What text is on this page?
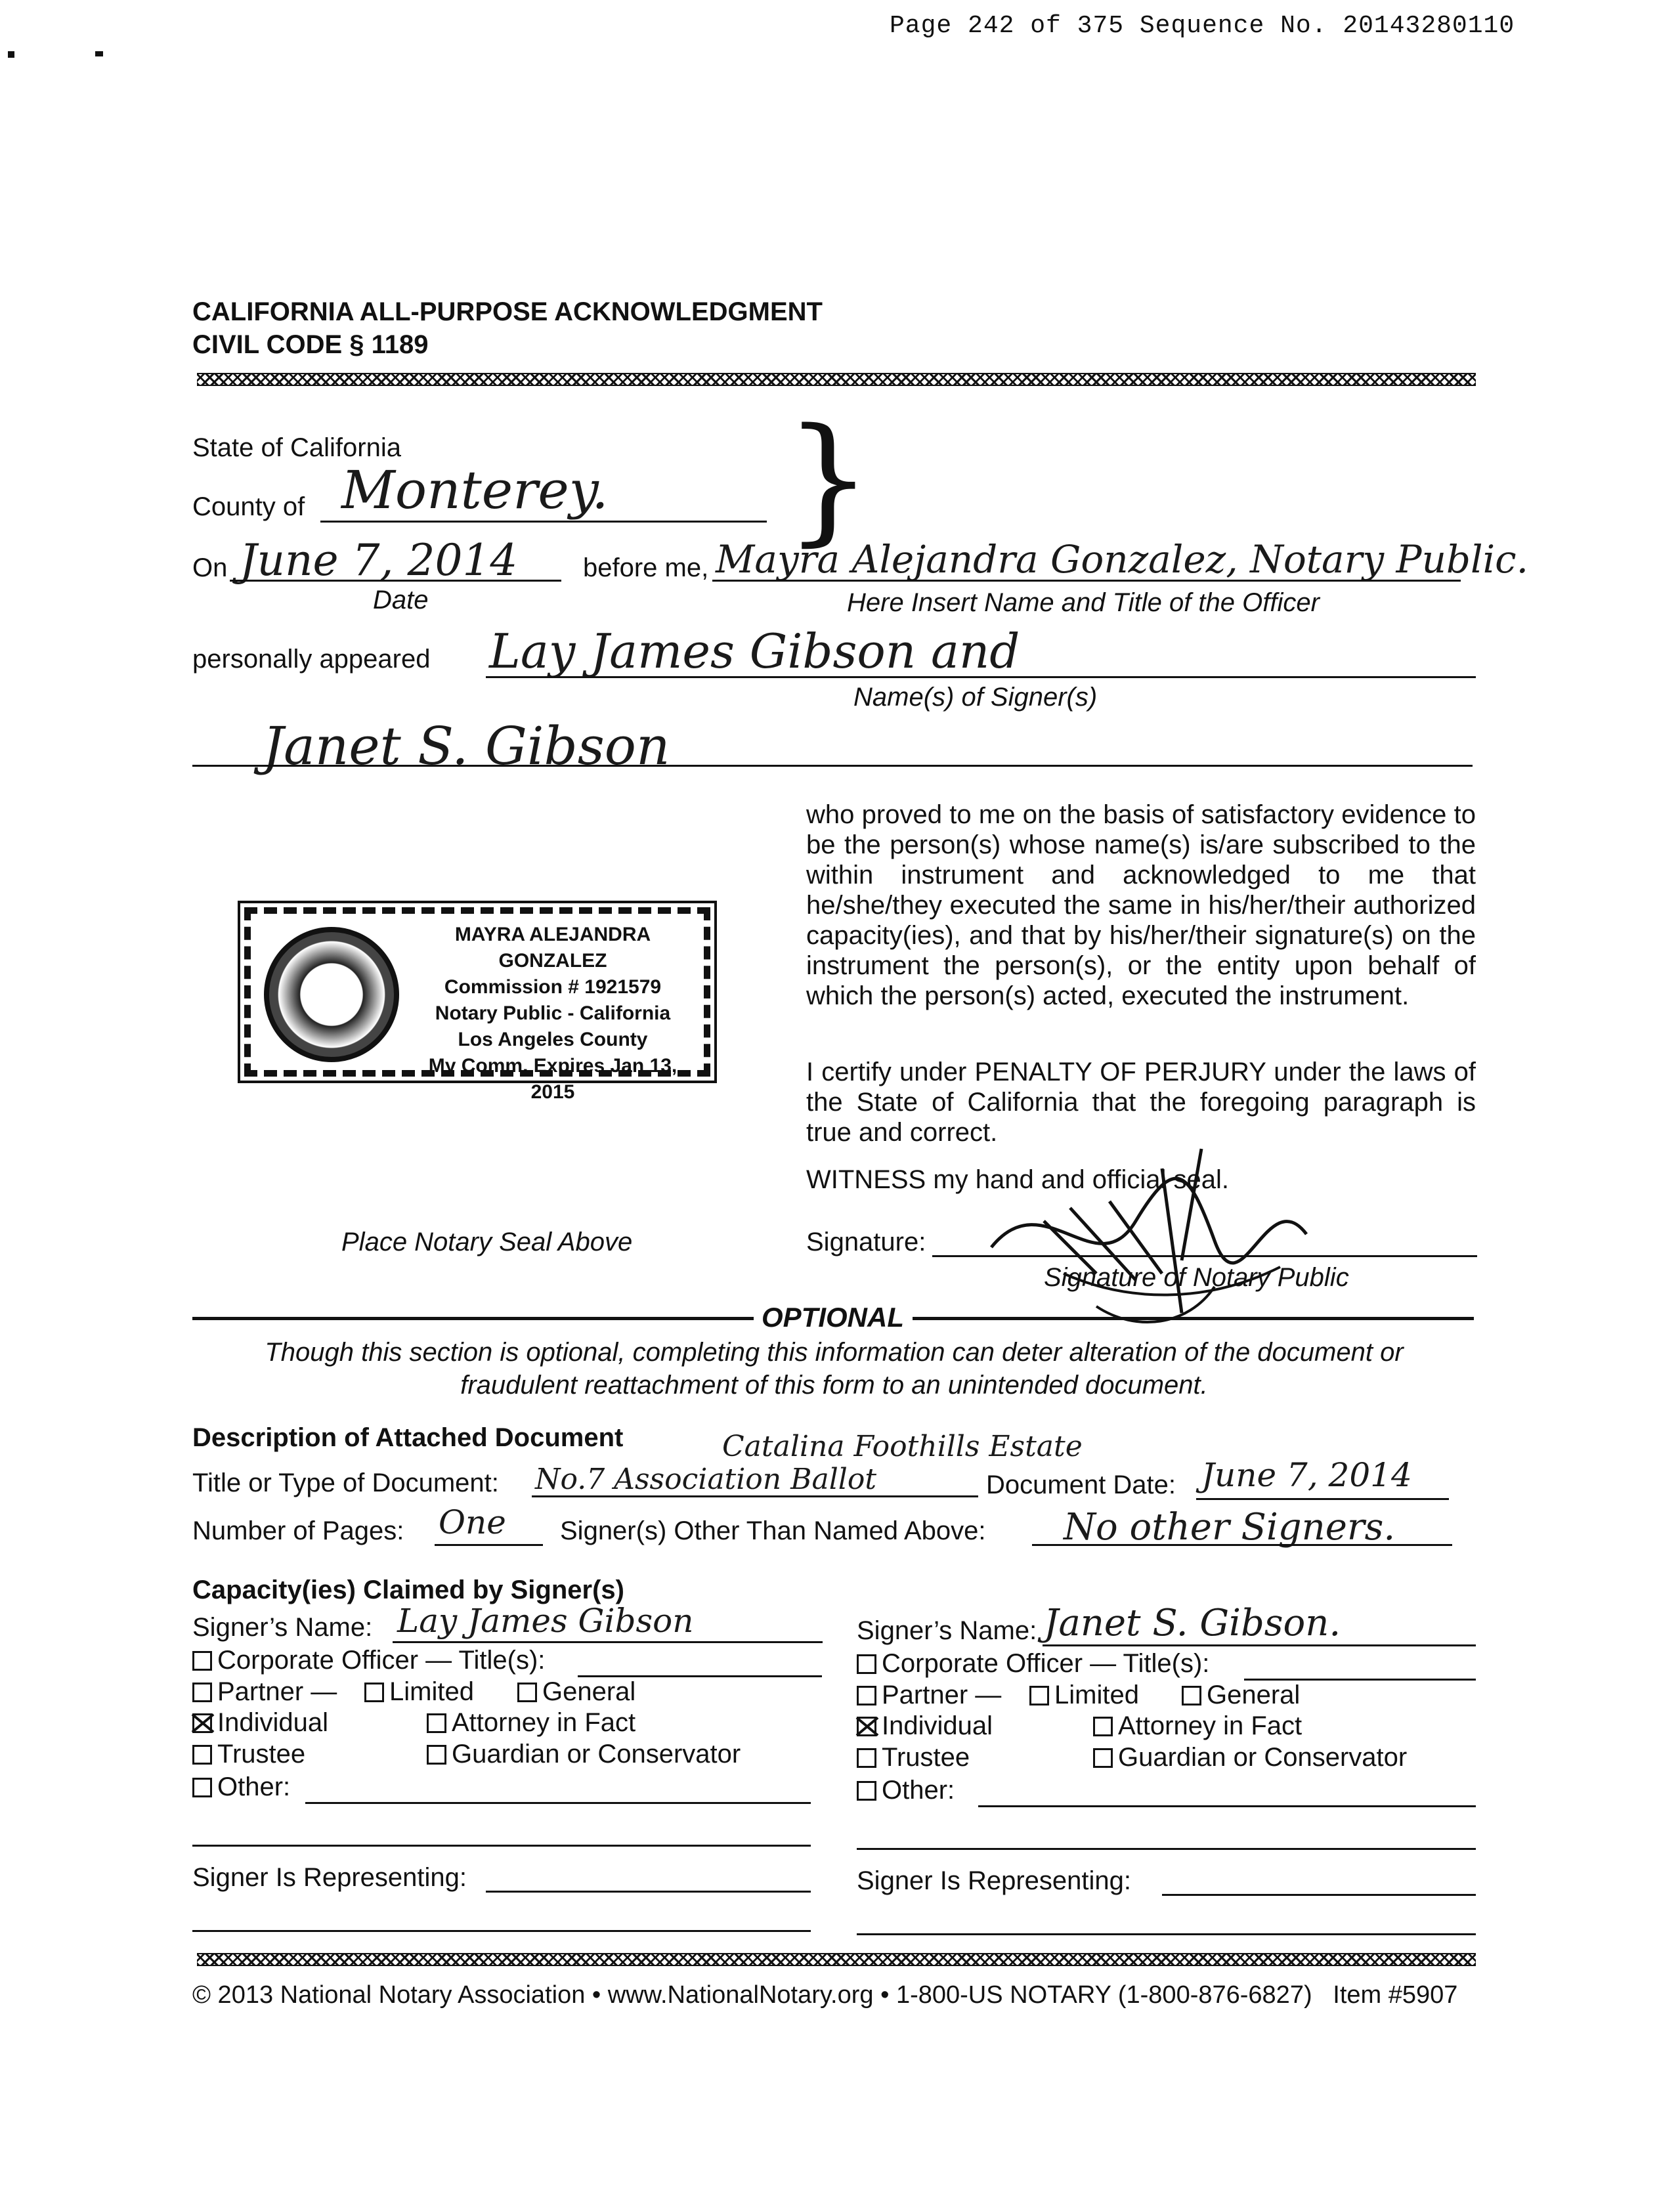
Page 242 of 375 Sequence No. 20143280110
CALIFORNIA ALL-PURPOSE ACKNOWLEDGMENT
CIVIL CODE § 1189
State of California	}
County of Monterey.
On June 7, 2014
Date
before me, Mayra Alejandra Gonzalez, Notary Public.
Here Insert Name and Title of the Officer
personally appeared Lay James Gibson and
Name(s) of Signer(s)
Janet S. Gibson
who proved to me on the basis of satisfactory evidence to be the person(s) whose name(s) is/are subscribed to the within instrument and acknowledged to me that he/she/they executed the same in his/her/their authorized capacity(ies), and that by his/her/their signature(s) on the instrument the person(s), or the entity upon behalf of which the person(s) acted, executed the instrument.
I certify under PENALTY OF PERJURY under the laws of the State of California that the foregoing paragraph is true and correct.
WITNESS my hand and official seal.
Signature:
Signature of Notary Public
MAYRA ALEJANDRA GONZALEZ
Commission # 1921579
Notary Public - California
Los Angeles County
My Comm. Expires Jan 13, 2015
Place Notary Seal Above
OPTIONAL
Though this section is optional, completing this information can deter alteration of the document or
fraudulent reattachment of this form to an unintended document.
Description of Attached Document	Catalina Foothills Estate
Title or Type of Document: No.7 Association Ballot	Document Date: June 7, 2014
Number of Pages: One Signer(s) Other Than Named Above: No other Signers.
Capacity(ies) Claimed by Signer(s)
Signer’s Name: Lay James Gibson
Corporate Officer — Title(s):
Partner —	Limited	General
Individual	Attorney in Fact
Trustee	Guardian or Conservator
Other:
Signer Is Representing:
Signer’s Name: Janet S. Gibson.
Corporate Officer — Title(s):
Partner —	Limited	General
Individual	Attorney in Fact
Trustee	Guardian or Conservator
Other:
Signer Is Representing:
© 2013 National Notary Association • www.NationalNotary.org • 1-800-US NOTARY (1-800-876-6827)   Item #5907
